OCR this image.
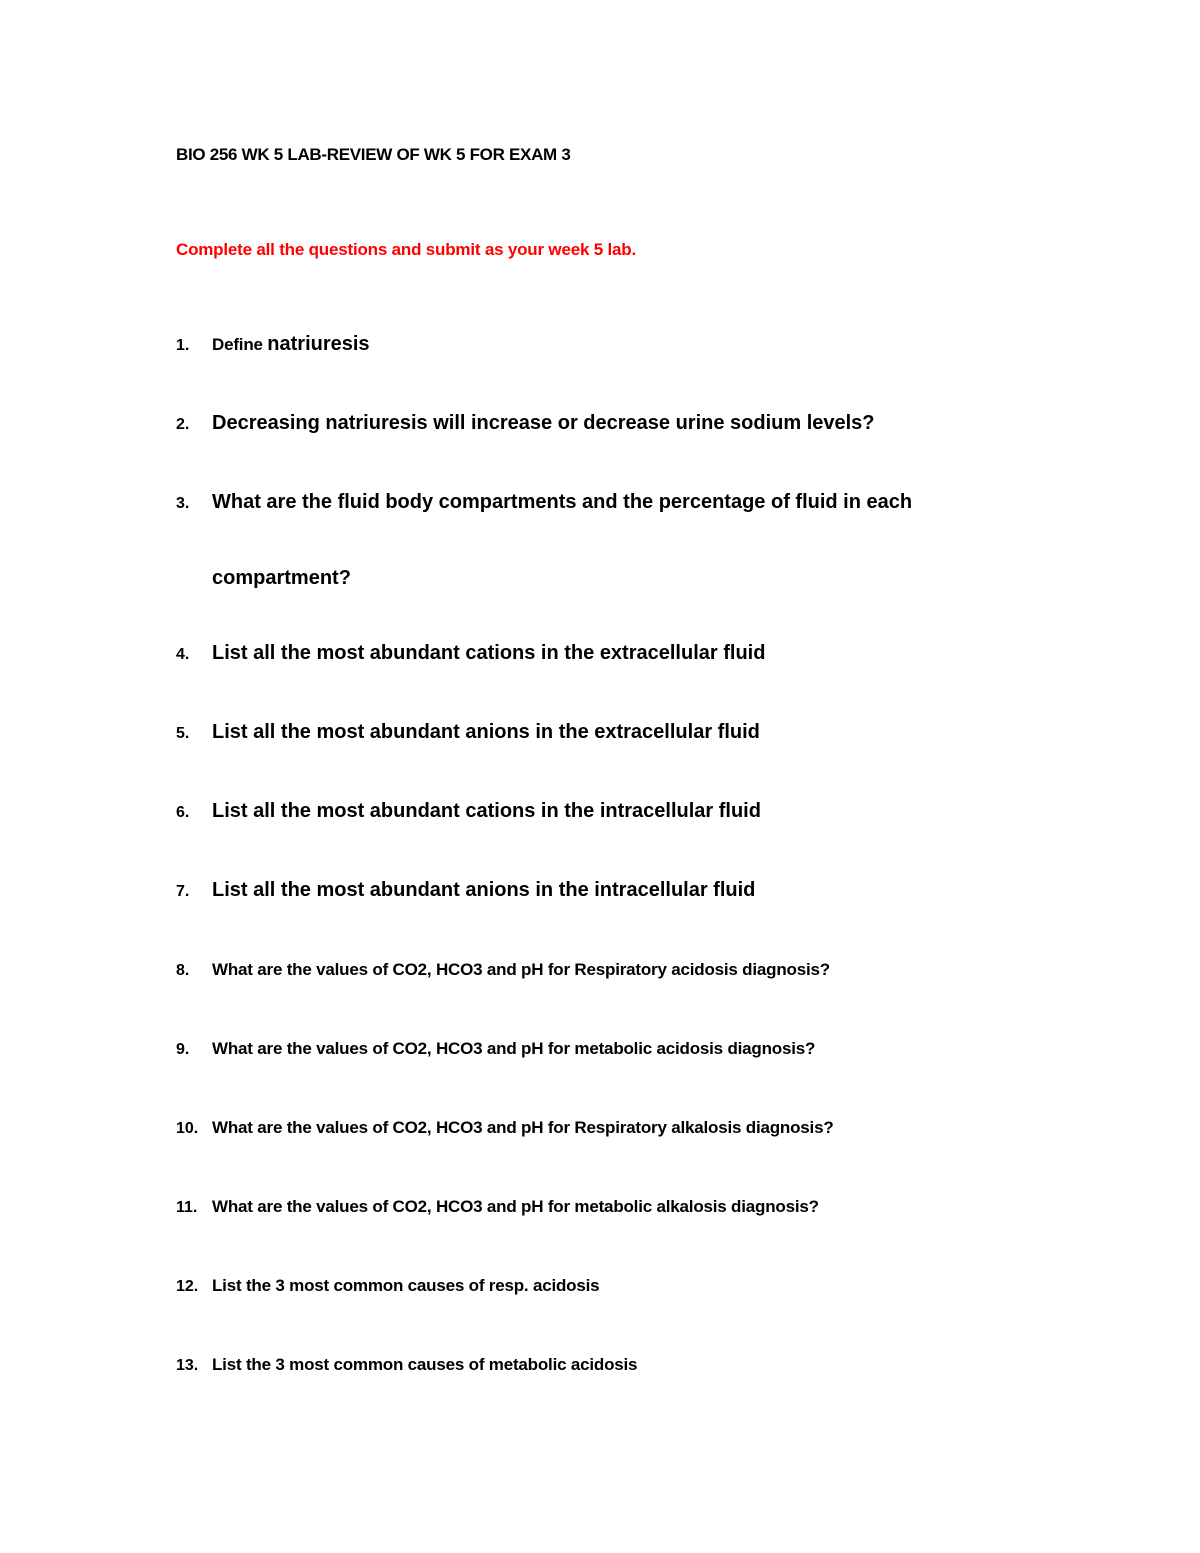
BIO 256 WK 5 LAB-REVIEW OF WK 5 FOR EXAM 3
Complete all the questions and submit as your week 5 lab.
1. Define natriuresis
2. Decreasing natriuresis will increase or decrease urine sodium levels?
3. What are the fluid body compartments and the percentage of fluid in each
compartment?
4. List all the most abundant cations in the extracellular fluid
5. List all the most abundant anions in the extracellular fluid
6. List all the most abundant cations in the intracellular fluid
7. List all the most abundant anions in the intracellular fluid
8. What are the values of CO2, HCO3 and pH for Respiratory acidosis diagnosis?
9. What are the values of CO2, HCO3 and pH for metabolic acidosis diagnosis?
10. What are the values of CO2, HCO3 and pH for Respiratory alkalosis diagnosis?
11. What are the values of CO2, HCO3 and pH for metabolic alkalosis diagnosis?
12. List the 3 most common causes of resp. acidosis
13. List the 3 most common causes of metabolic acidosis
